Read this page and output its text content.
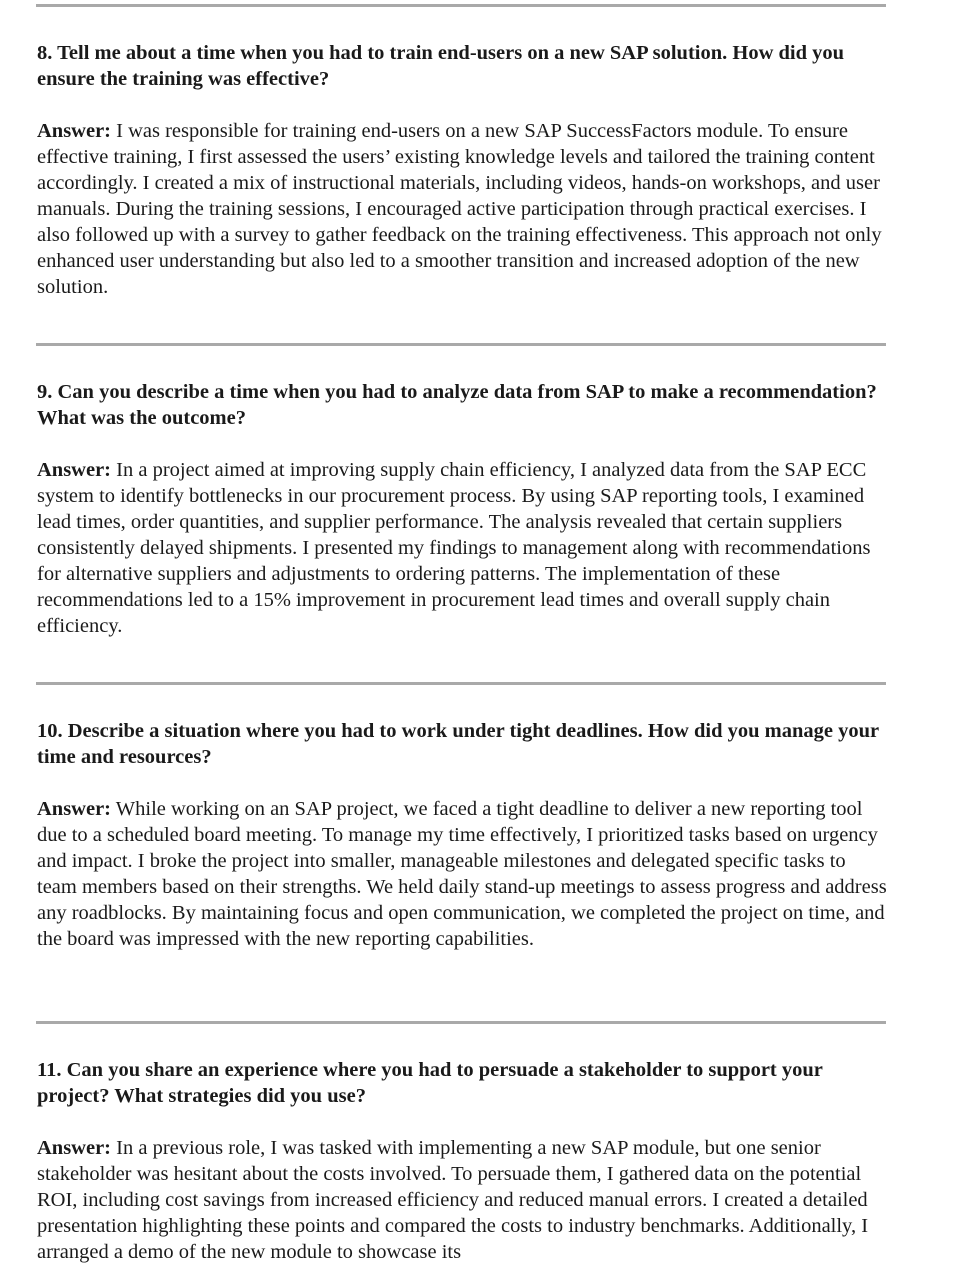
8. Tell me about a time when you had to train end-users on a new SAP solution. How did you ensure the training was effective?

Answer: I was responsible for training end-users on a new SAP SuccessFactors module. To ensure effective training, I first assessed the users’ existing knowledge levels and tailored the training content accordingly. I created a mix of instructional materials, including videos, hands-on workshops, and user manuals. During the training sessions, I encouraged active participation through practical exercises. I also followed up with a survey to gather feedback on the training effectiveness. This approach not only enhanced user understanding but also led to a smoother transition and increased adoption of the new solution.

9. Can you describe a time when you had to analyze data from SAP to make a recommendation? What was the outcome?

Answer: In a project aimed at improving supply chain efficiency, I analyzed data from the SAP ECC system to identify bottlenecks in our procurement process. By using SAP reporting tools, I examined lead times, order quantities, and supplier performance. The analysis revealed that certain suppliers consistently delayed shipments. I presented my findings to management along with recommendations for alternative suppliers and adjustments to ordering patterns. The implementation of these recommendations led to a 15% improvement in procurement lead times and overall supply chain efficiency.

10. Describe a situation where you had to work under tight deadlines. How did you manage your time and resources?

Answer: While working on an SAP project, we faced a tight deadline to deliver a new reporting tool due to a scheduled board meeting. To manage my time effectively, I prioritized tasks based on urgency and impact. I broke the project into smaller, manageable milestones and delegated specific tasks to team members based on their strengths. We held daily stand-up meetings to assess progress and address any roadblocks. By maintaining focus and open communication, we completed the project on time, and the board was impressed with the new reporting capabilities.

11. Can you share an experience where you had to persuade a stakeholder to support your project? What strategies did you use?

Answer: In a previous role, I was tasked with implementing a new SAP module, but one senior stakeholder was hesitant about the costs involved. To persuade them, I gathered data on the potential ROI, including cost savings from increased efficiency and reduced manual errors. I created a detailed presentation highlighting these points and compared the costs to industry benchmarks. Additionally, I arranged a demo of the new module to showcase its
